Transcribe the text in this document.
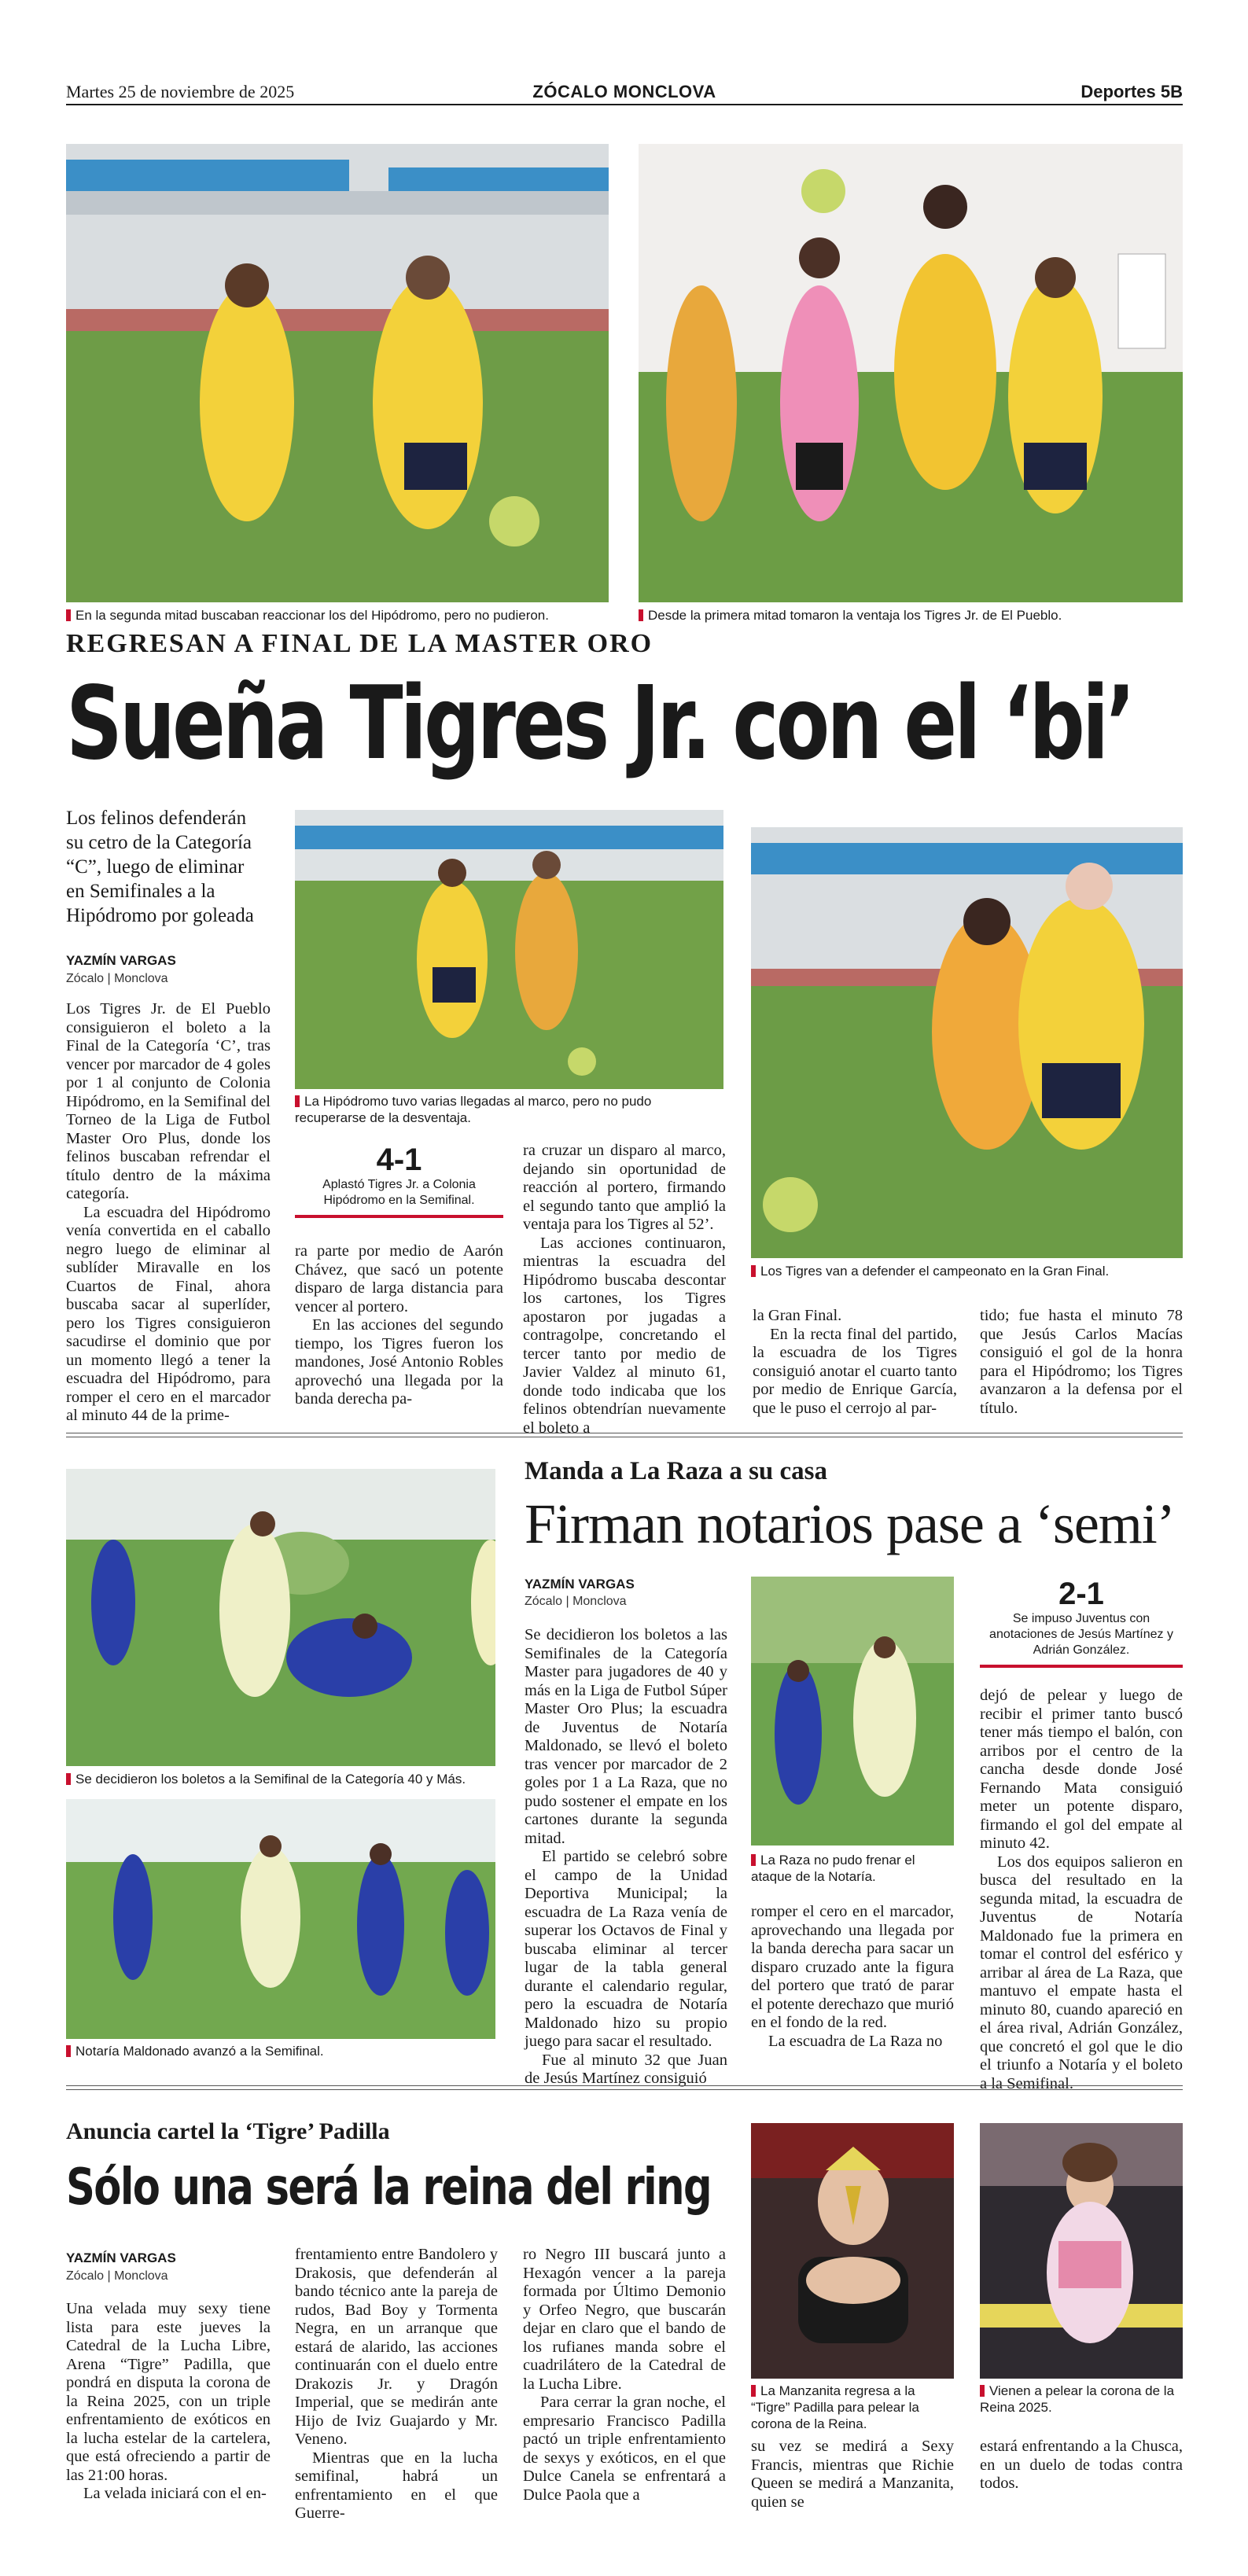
Martes 25 de noviembre de 2025	ZÓCALO MONCLOVA	Deportes 5B
En la segunda mitad buscaban reaccionar los del Hipódromo, pero no pudieron.	Desde la primera mitad tomaron la ventaja los Tigres Jr. de El Pueblo.
REGRESAN A FINAL DE LA MASTER ORO
Sueña Tigres Jr. con el ‘bi’
Los felinos defenderán su cetro de la Categoría “C”, luego de eliminar en Semifinales a la Hipódromo por goleada
YAZMÍN VARGAS
Zócalo | Monclova

Los Tigres Jr. de El Pueblo consiguieron el boleto a la Final de la Categoría ‘C’, tras vencer por marcador de 4 goles por 1 al conjunto de Colonia Hipódromo, en la Semifinal del Torneo de la Liga de Futbol Master Oro Plus, donde los felinos buscaban refrendar el título dentro de la máxima categoría.

La escuadra del Hipódromo venía convertida en el caballo negro luego de eliminar al sublíder Miravalle en los Cuartos de Final, ahora buscaba sacar al superlíder, pero los Tigres consiguieron sacudirse el dominio que por un momento llegó a tener la escuadra del Hipódromo, para romper el cero en el marcador al minuto 44 de la prime-

La Hipódromo tuvo varias llegadas al marco, pero no pudo recuperarse de la desventaja.
4-1
Aplastó Tigres Jr. a Colonia Hipódromo en la Semifinal.

ra parte por medio de Aarón Chávez, que sacó un potente disparo de larga distancia para vencer al portero.

En las acciones del segundo tiempo, los Tigres fueron los mandones, José Antonio Robles aprovechó una llegada por la banda derecha pa-

ra cruzar un disparo al marco, dejando sin oportunidad de reacción al portero, firmando el segundo tanto que amplió la ventaja para los Tigres al 52’.

Las acciones continuaron, mientras la escuadra del Hipódromo buscaba descontar los cartones, los Tigres apostaron por jugadas a contragolpe, concretando el tercer tanto por medio de Javier Valdez al minuto 61, donde todo indicaba que los felinos obtendrían nuevamente el boleto a

Los Tigres van a defender el campeonato en la Gran Final.

la Gran Final.

En la recta final del partido, la escuadra de los Tigres consiguió anotar el cuarto tanto por medio de Enrique García, que le puso el cerrojo al par-

tido; fue hasta el minuto 78 que Jesús Carlos Macías consiguió el gol de la honra para el Hipódromo; los Tigres avanzaron a la defensa por el título.

Se decidieron los boletos a la Semifinal de la Categoría 40 y Más.
Notaría Maldonado avanzó a la Semifinal.
Manda a La Raza a su casa
Firman notarios pase a ‘semi’
YAZMÍN VARGAS
Zócalo | Monclova

Se decidieron los boletos a las Semifinales de la Categoría Master para jugadores de 40 y más en la Liga de Futbol Súper Master Oro Plus; la escuadra de Juventus de Notaría Maldonado, se llevó el boleto tras vencer por marcador de 2 goles por 1 a La Raza, que no pudo sostener el empate en los cartones durante la segunda mitad.

El partido se celebró sobre el campo de la Unidad Deportiva Municipal; la escuadra de La Raza venía de superar los Octavos de Final y buscaba eliminar al tercer lugar de la tabla general durante el calendario regular, pero la escuadra de Notaría Maldonado hizo su propio juego para sacar el resultado.

Fue al minuto 32 que Juan de Jesús Martínez consiguió

La Raza no pudo frenar el ataque de la Notaría.

romper el cero en el marcador, aprovechando una llegada por la banda derecha para sacar un disparo cruzado ante la figura del portero que trató de parar el potente derechazo que murió en el fondo de la red.

La escuadra de La Raza no

2-1
Se impuso Juventus con anotaciones de Jesús Martínez y Adrián González.

dejó de pelear y luego de recibir el primer tanto buscó tener más tiempo el balón, con arribos por el centro de la cancha desde donde José Fernando Mata consiguió meter un potente disparo, firmando el gol del empate al minuto 42.

Los dos equipos salieron en busca del resultado en la segunda mitad, la escuadra de Juventus de Notaría Maldonado fue la primera en tomar el control del esférico y arribar al área de La Raza, que mantuvo el empate hasta el minuto 80, cuando apareció en el área rival, Adrián González, que concretó el gol que le dio el triunfo a Notaría y el boleto a la Semifinal.

Anuncia cartel la ‘Tigre’ Padilla
Sólo una será la reina del ring
YAZMÍN VARGAS
Zócalo | Monclova

Una velada muy sexy tiene lista para este jueves la Catedral de la Lucha Libre, Arena “Tigre” Padilla, que pondrá en disputa la corona de la Reina 2025, con un triple enfrentamiento de exóticos en la lucha estelar de la cartelera, que está ofreciendo a partir de las 21:00 horas.

La velada iniciará con el en-

frentamiento entre Bandolero y Drakosis, que defenderán al bando técnico ante la pareja de rudos, Bad Boy y Tormenta Negra, en un arranque que estará de alarido, las acciones continuarán con el duelo entre Drakozis Jr. y Dragón Imperial, que se medirán ante Hijo de Iviz Guajardo y Mr. Veneno.

Mientras que en la lucha semifinal, habrá un enfrentamiento en el que Guerre-

ro Negro III buscará junto a Hexagón vencer a la pareja formada por Último Demonio y Orfeo Negro, que buscarán dejar en claro que el bando de los rufianes manda sobre el cuadrilátero de la Catedral de la Lucha Libre.

Para cerrar la gran noche, el empresario Francisco Padilla pactó un triple enfrentamiento de sexys y exóticos, en el que Dulce Canela se enfrentará a Dulce Paola que a

La Manzanita regresa a la “Tigre” Padilla para pelear la corona de la Reina.

su vez se medirá a Sexy Francis, mientras que Richie Queen se medirá a Manzanita, quien se

Vienen a pelear la corona de la Reina 2025.

estará enfrentando a la Chusca, en un duelo de todas contra todos.
